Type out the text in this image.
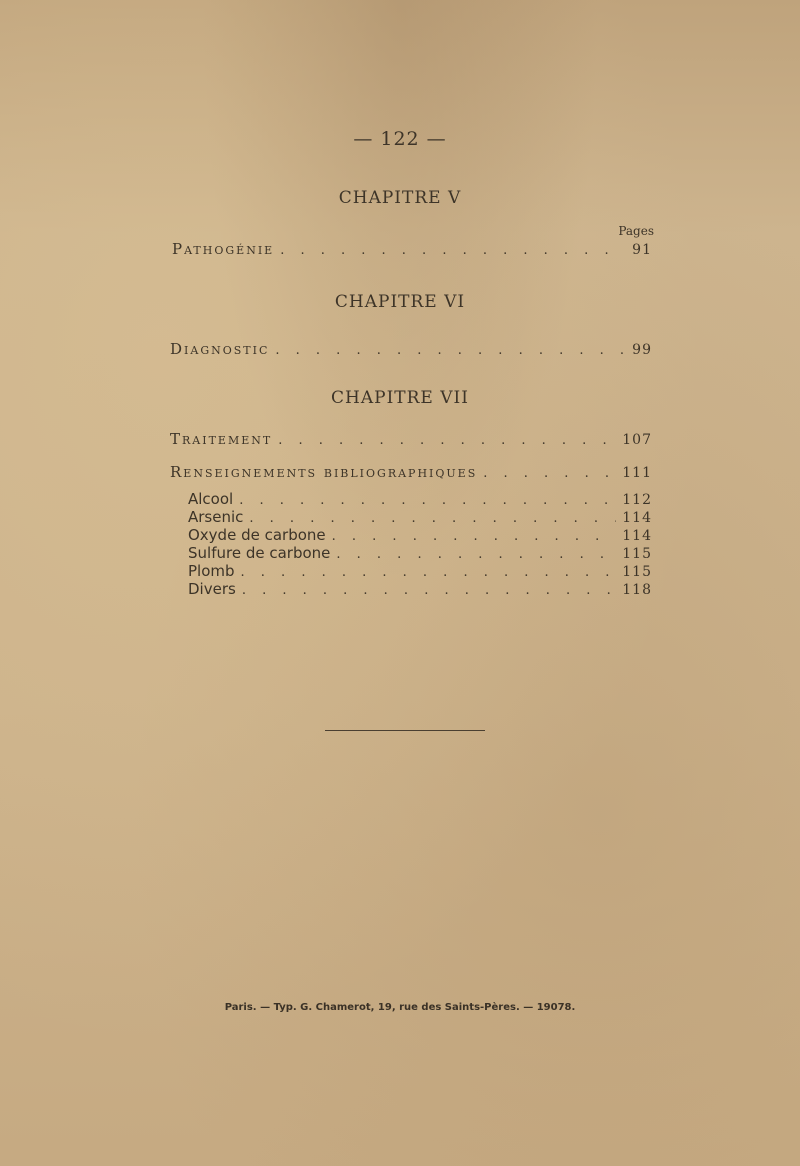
— 122 —
CHAPITRE V
Pages
Pathogénie . . .	91
CHAPITRE VI
Diagnostic . . .	99
CHAPITRE VII
Traitement . . .	107
Renseignements bibliographiques . . .	111
Alcool . . .	112
Arsenic . . .	114
Oxyde de carbone . . .	114
Sulfure de carbone . . .	115
Plomb . . .	115
Divers . . .	118
Paris. — Typ. G. Chamerot, 19, rue des Saints-Pères. — 19078.
